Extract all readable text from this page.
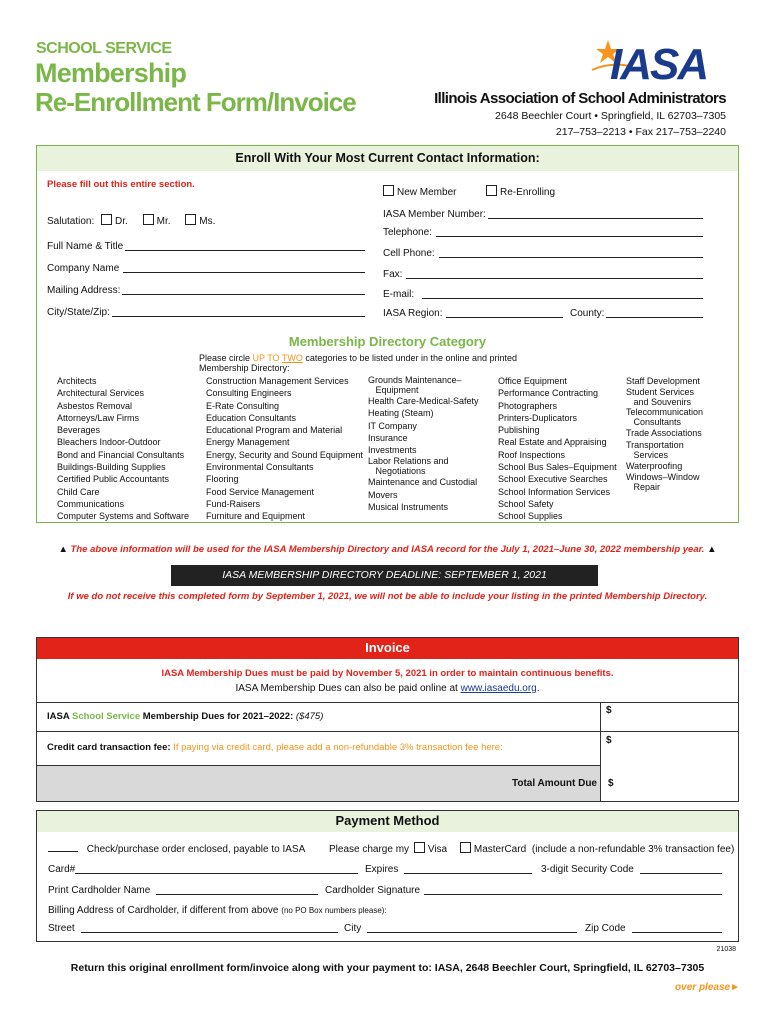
SCHOOL SERVICE
Membership
Re-Enrollment Form/Invoice
IASA
Illinois Association of School Administrators
2648 Beechler Court • Springfield, IL 62703–7305
217–753–2213 • Fax 217–753–2240
Enroll With Your Most Current Contact Information:
Please fill out this entire section.
New Member	Re-Enrolling
Salutation: Dr.	Mr.	Ms.
Full Name & Title
Company Name
Mailing Address:
City/State/Zip:
IASA Member Number:
Telephone:
Cell Phone:
Fax:
E-mail:
IASA Region:	County:
Membership Directory Category
Please circle UP TO TWO categories to be listed under in the online and printed Membership Directory:
Architects
Architectural Services
Asbestos Removal
Attorneys/Law Firms
Beverages
Bleachers Indoor-Outdoor
Bond and Financial Consultants
Buildings-Building Supplies
Certified Public Accountants
Child Care
Communications
Computer Systems and Software
Construction Management Services
Consulting Engineers
E-Rate Consulting
Education Consultants
Educational Program and Material
Energy Management
Energy, Security and Sound Equipment
Environmental Consultants
Flooring
Food Service Management
Fund-Raisers
Furniture and Equipment
Grounds Maintenance–
Equipment
Health Care-Medical-Safety
Heating (Steam)
IT Company
Insurance
Investments
Labor Relations and
Negotiations
Maintenance and Custodial
Movers
Musical Instruments
Office Equipment
Performance Contracting
Photographers
Printers-Duplicators
Publishing
Real Estate and Appraising
Roof Inspections
School Bus Sales–Equipment
School Executive Searches
School Information Services
School Safety
School Supplies
Staff Development
Student Services
and Souvenirs
Telecommunication
Consultants
Trade Associations
Transportation
Services
Waterproofing
Windows–Window
Repair
▲ The above information will be used for the IASA Membership Directory and IASA record for the July 1, 2021–June 30, 2022 membership year. ▲
IASA MEMBERSHIP DIRECTORY DEADLINE: SEPTEMBER 1, 2021
If we do not receive this completed form by September 1, 2021, we will not be able to include your listing in the printed Membership Directory.
Invoice
IASA Membership Dues must be paid by November 5, 2021 in order to maintain continuous benefits.
IASA Membership Dues can also be paid online at www.iasaedu.org.
IASA School Service Membership Dues for 2021–2022: ($475)
$
Credit card transaction fee: If paying via credit card, please add a non-refundable 3% transaction fee here:
$
Total Amount Due $
Payment Method
Check/purchase order enclosed, payable to IASA Please charge my Visa	MasterCard (include a non-refundable 3% transaction fee)
Card#	Expires	3-digit Security Code
Print Cardholder Name	Cardholder Signature
Billing Address of Cardholder, if different from above (no PO Box numbers please):
Street	City	Zip Code
21038
Return this original enrollment form/invoice along with your payment to: IASA, 2648 Beechler Court, Springfield, IL 62703–7305
over please►
